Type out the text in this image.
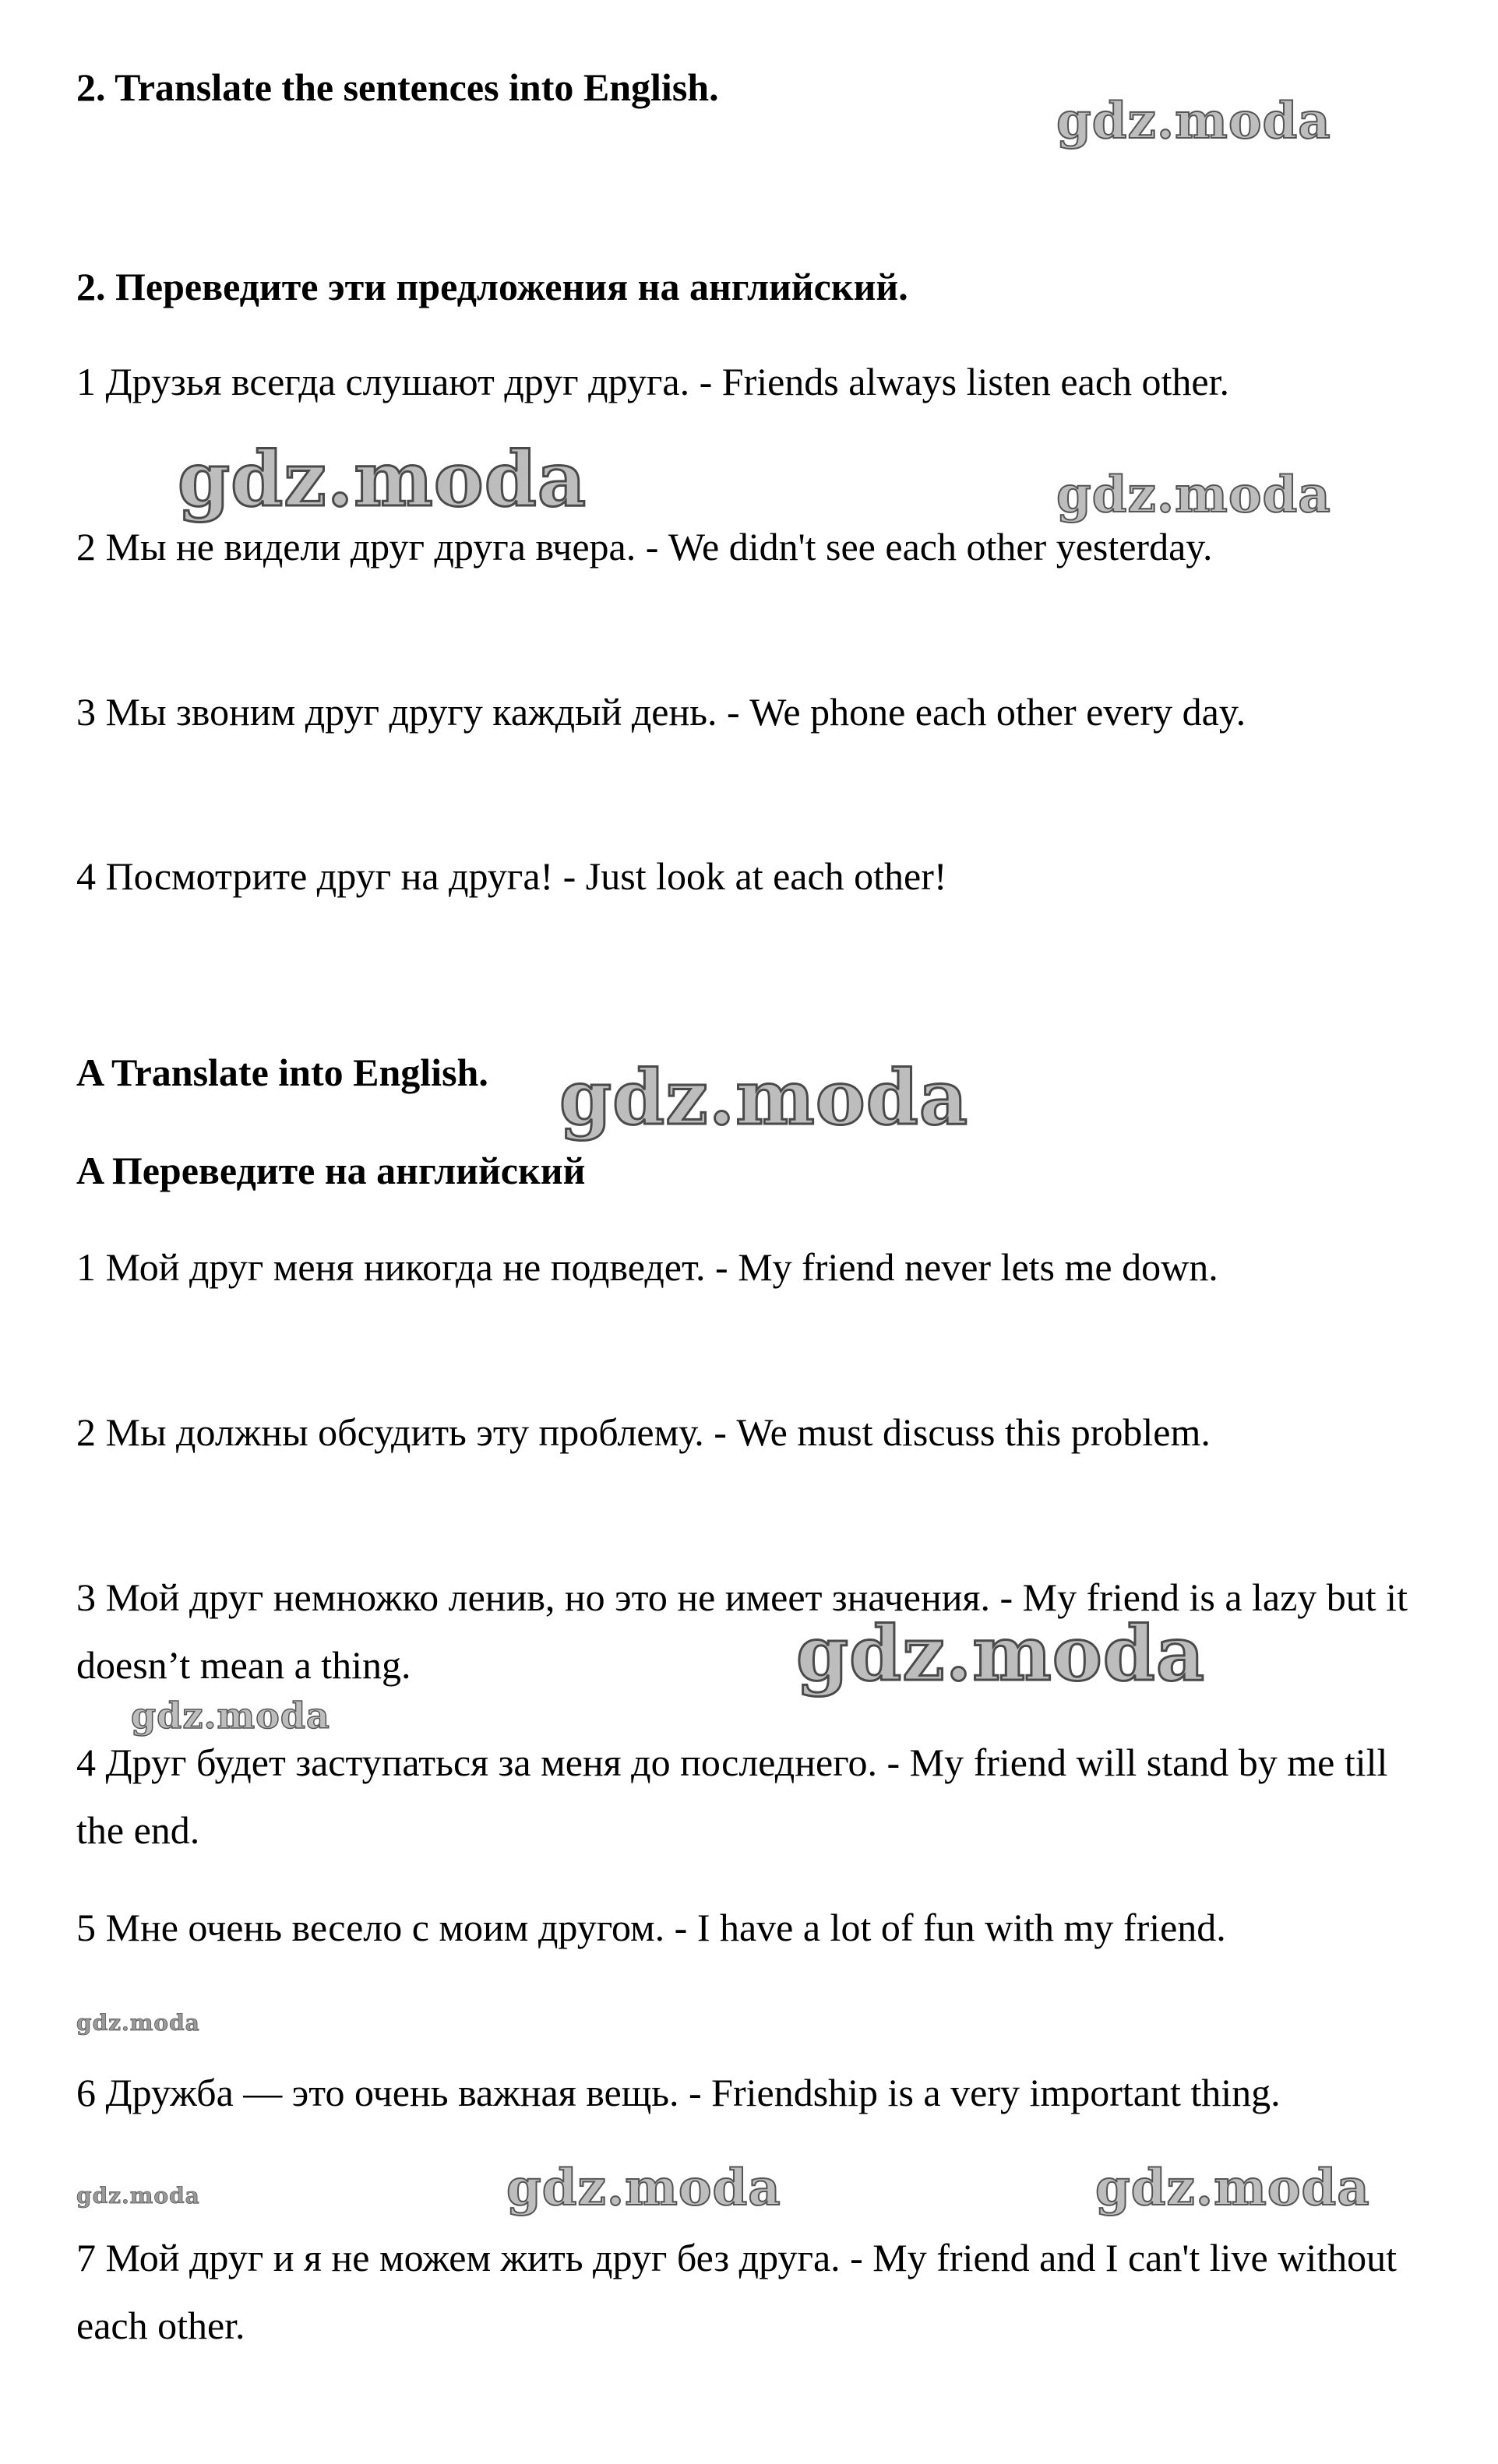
2. Translate the sentences into English.
2. Переведите эти предложения на английский.
1 Друзья всегда слушают друг друга. - Friends always listen each other.
2 Мы не видели друг друга вчера. - We didn't see each other yesterday.
3 Мы звоним друг другу каждый день. - We phone each other every day.
4 Посмотрите друг на друга! - Just look at each other!
A Translate into English.
A Переведите на английский
1 Мой друг меня никогда не подведет. - My friend never lets me down.
2 Мы должны обсудить эту проблему. - We must discuss this problem.
3 Мой друг немножко ленив, но это не имеет значения. - My friend is a lazy but it doesn’t mean a thing.
4 Друг будет заступаться за меня до последнего. - My friend will stand by me till the end.
5 Мне очень весело с моим другом. - I have a lot of fun with my friend.
6 Дружба — это очень важная вещь. - Friendship is a very important thing.
7 Мой друг и я не можем жить друг без друга. - My friend and I can't live without each other.
gdz.moda
gdz.moda	gdz.moda
gdz.moda
gdz.moda
gdz.moda
gdz.moda
gdz.moda	gdz.moda	gdz.moda
